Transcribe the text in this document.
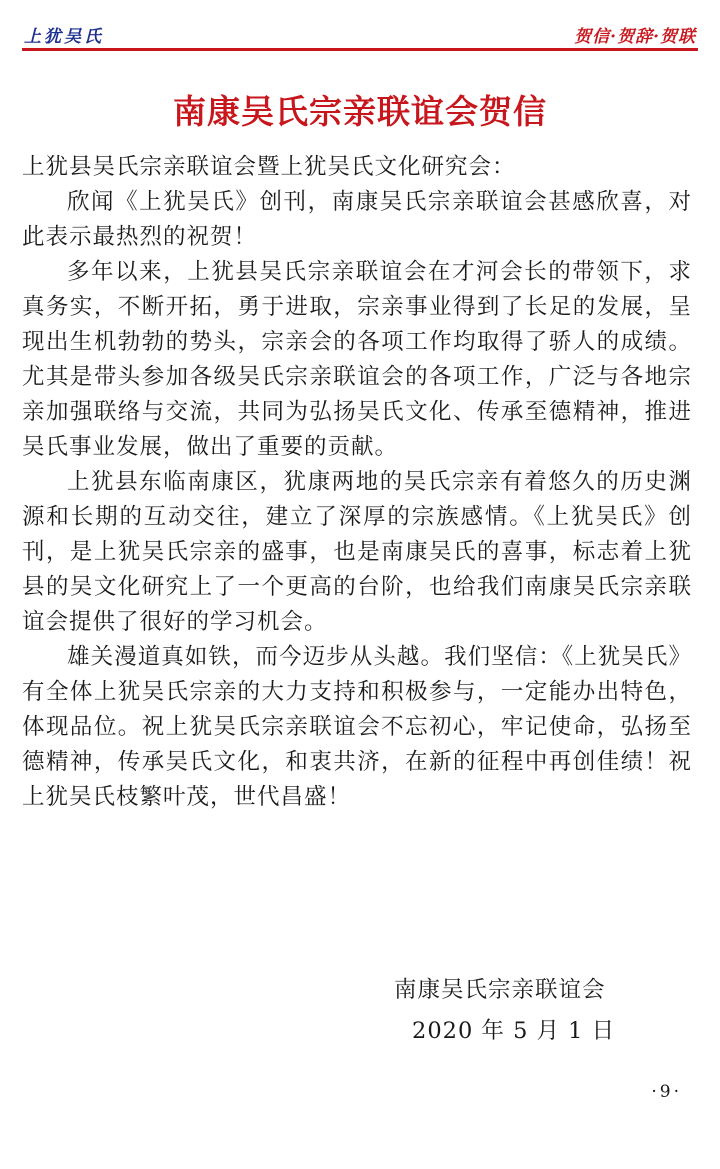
上犹吴氏	贺信·贺辞·贺联
南康吴氏宗亲联谊会贺信

上犹县吴氏宗亲联谊会暨上犹吴氏文化研究会：

欣闻《上犹吴氏》创刊，南康吴氏宗亲联谊会甚感欣喜，对此表示最热烈的祝贺！

多年以来，上犹县吴氏宗亲联谊会在才河会长的带领下，求真务实，不断开拓，勇于进取，宗亲事业得到了长足的发展，呈现出生机勃勃的势头，宗亲会的各项工作均取得了骄人的成绩。尤其是带头参加各级吴氏宗亲联谊会的各项工作，广泛与各地宗亲加强联络与交流，共同为弘扬吴氏文化、传承至德精神，推进吴氏事业发展，做出了重要的贡献。

上犹县东临南康区，犹康两地的吴氏宗亲有着悠久的历史渊源和长期的互动交往，建立了深厚的宗族感情。《上犹吴氏》创刊，是上犹吴氏宗亲的盛事，也是南康吴氏的喜事，标志着上犹县的吴文化研究上了一个更高的台阶，也给我们南康吴氏宗亲联谊会提供了很好的学习机会。

雄关漫道真如铁，而今迈步从头越。我们坚信：《上犹吴氏》有全体上犹吴氏宗亲的大力支持和积极参与，一定能办出特色，体现品位。祝上犹吴氏宗亲联谊会不忘初心，牢记使命，弘扬至德精神，传承吴氏文化，和衷共济，在新的征程中再创佳绩！祝上犹吴氏枝繁叶茂，世代昌盛！

南康吴氏宗亲联谊会
2020 年 5 月 1 日
·9·
